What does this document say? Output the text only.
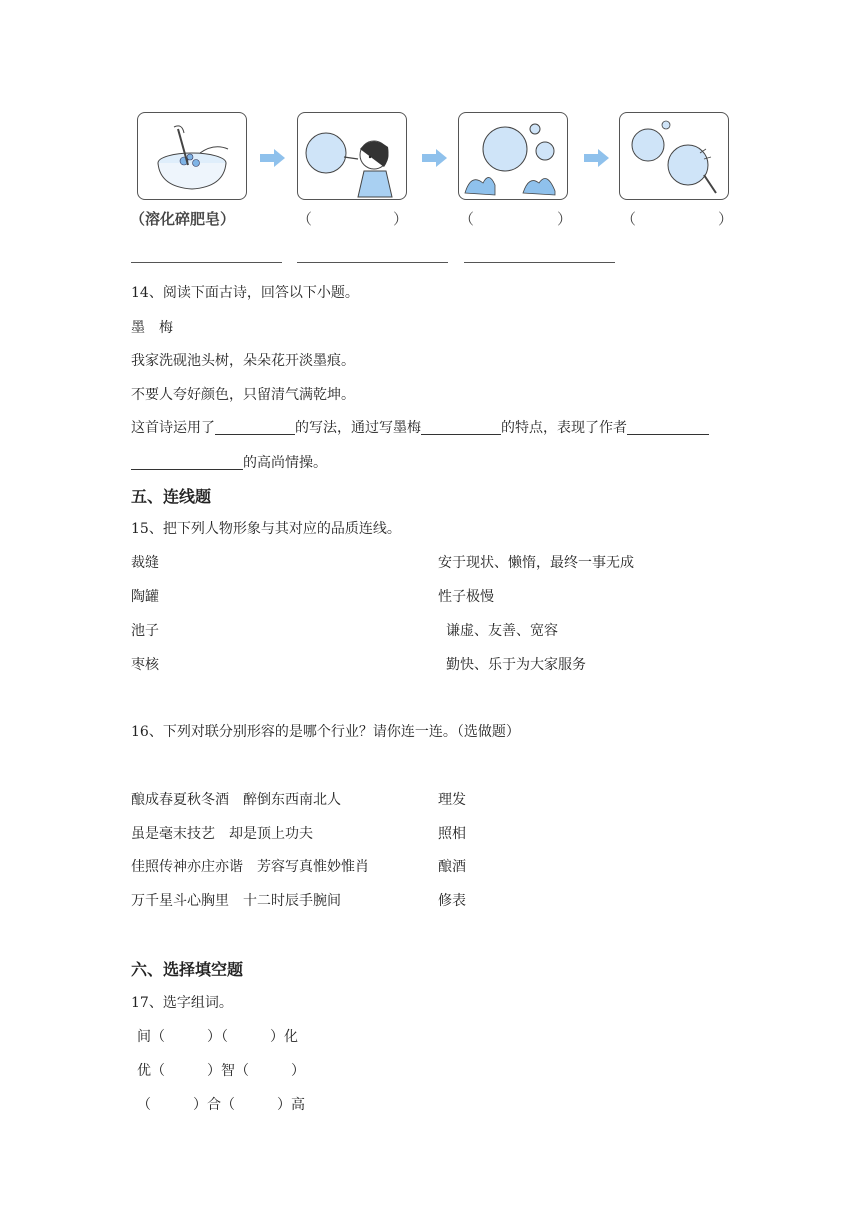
（溶化碎肥皂）	（	）	（	）	（	）
14、阅读下面古诗，回答以下小题。
墨　梅
我家洗砚池头树，朵朵花开淡墨痕。
不要人夸好颜色，只留清气满乾坤。
这首诗运用了	的写法，通过写墨梅	的特点，表现了作者
的高尚情操。
五、连线题
15、把下列人物形象与其对应的品质连线。
裁缝
陶罐
池子
枣核
安于现状、懒惰，最终一事无成
性子极慢
谦虚、友善、宽容
勤快、乐于为大家服务
16、下列对联分别形容的是哪个行业？请你连一连。（选做题）
酿成春夏秋冬酒　醉倒东西南北人
虽是毫末技艺　却是顶上功夫
佳照传神亦庄亦谐　芳容写真惟妙惟肖
万千星斗心胸里　十二时辰手腕间
理发
照相
酿酒
修表
六、选择填空题
17、选字组词。
间（　　　）（　　　）化
优（　　　）智（　　　）
（　　　）合（　　　）高
